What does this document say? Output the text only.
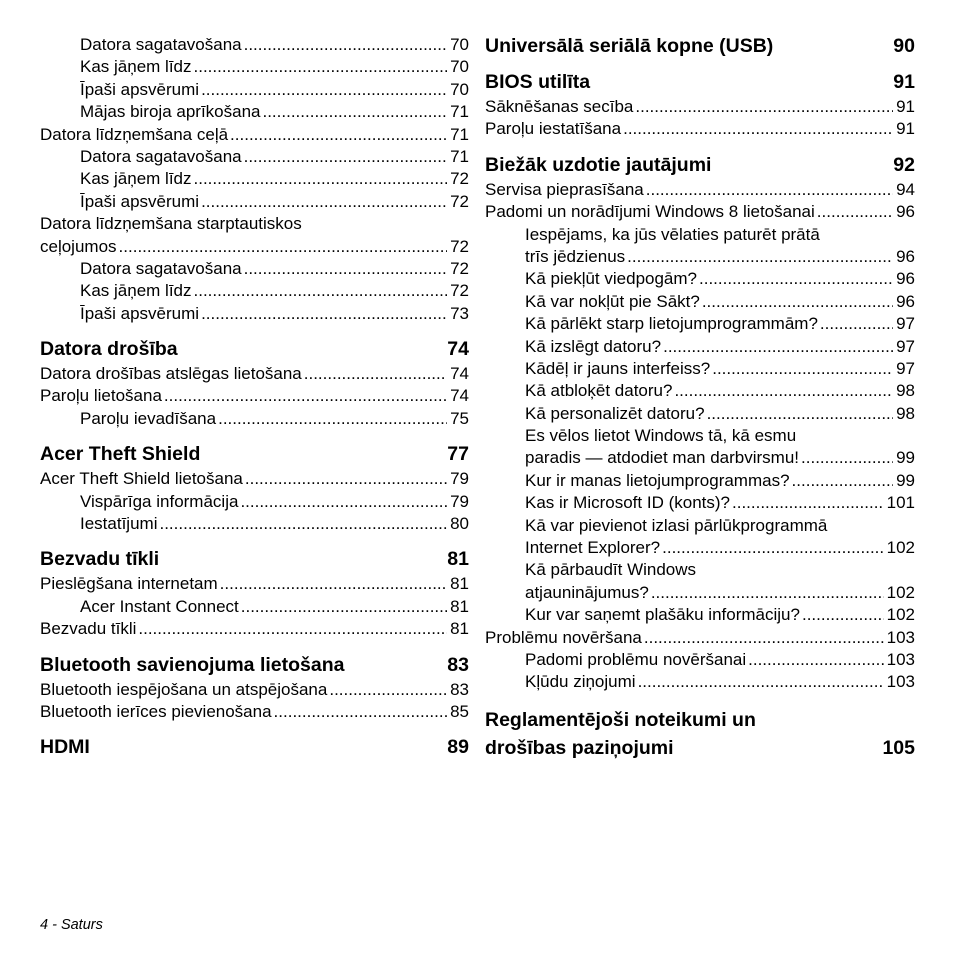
Datora sagatavošana .....	70
Kas jāņem līdz .....	70
Īpaši apsvērumi .....	70
Mājas biroja aprīkošana .....	71
Datora līdzņemšana ceļā .....	71
Datora sagatavošana .....	71
Kas jāņem līdz .....	72
Īpaši apsvērumi .....	72
Datora līdzņemšana starptautiskos
ceļojumos .....	72
Datora sagatavošana .....	72
Kas jāņem līdz .....	72
Īpaši apsvērumi .....	73
Datora drošība	74
Datora drošības atslēgas lietošana .....	74
Paroļu lietošana .....	74
Paroļu ievadīšana .....	75
Acer Theft Shield	77
Acer Theft Shield lietošana .....	79
Vispārīga informācija .....	79
Iestatījumi .....	80
Bezvadu tīkli	81
Pieslēgšana internetam .....	81
Acer Instant Connect .....	81
Bezvadu tīkli .....	81
Bluetooth savienojuma lietošana	83
Bluetooth iespējošana un atspējošana .....	83
Bluetooth ierīces pievienošana .....	85
HDMI	89
Universālā seriālā kopne (USB)	90
BIOS utilīta	91
Sāknēšanas secība .....	91
Paroļu iestatīšana .....	91
Biežāk uzdotie jautājumi	92
Servisa pieprasīšana .....	94
Padomi un norādījumi Windows 8 lietošanai .....	96
Iespējams, ka jūs vēlaties paturēt prātā
trīs jēdzienus .....	96
Kā piekļūt viedpogām? .....	96
Kā var nokļūt pie Sākt? .....	96
Kā pārlēkt starp lietojumprogrammām? .....	97
Kā izslēgt datoru? .....	97
Kādēļ ir jauns interfeiss? .....	97
Kā atbloķēt datoru? .....	98
Kā personalizēt datoru? .....	98
Es vēlos lietot Windows tā, kā esmu
paradis — atdodiet man darbvirsmu! .....	99
Kur ir manas lietojumprogrammas? .....	99
Kas ir Microsoft ID (konts)? .....	101
Kā var pievienot izlasi pārlūkprogrammā
Internet Explorer? .....	102
Kā pārbaudīt Windows
atjauninājumus? .....	102
Kur var saņemt plašāku informāciju? .....	102
Problēmu novēršana .....	103
Padomi problēmu novēršanai .....	103
Kļūdu ziņojumi .....	103
Reglamentējoši noteikumi un
drošības paziņojumi	105
4 - Saturs
